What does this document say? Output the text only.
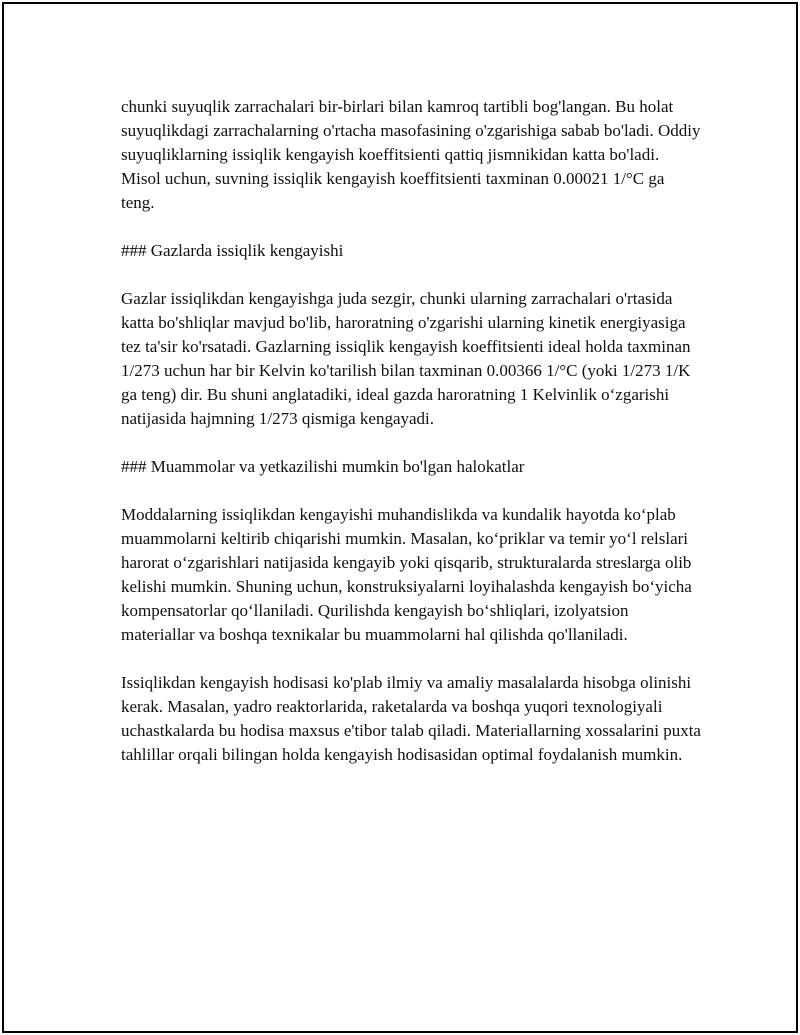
chunki suyuqlik zarrachalari bir-birlari bilan kamroq tartibli bog'langan. Bu holat suyuqlikdagi zarrachalarning o'rtacha masofasining o'zgarishiga sabab bo'ladi. Oddiy suyuqliklarning issiqlik kengayish koeffitsienti qattiq jismnikidan katta bo'ladi. Misol uchun, suvning issiqlik kengayish koeffitsienti taxminan 0.00021 1/°C ga teng.

### Gazlarda issiqlik kengayishi

Gazlar issiqlikdan kengayishga juda sezgir, chunki ularning zarrachalari o'rtasida katta bo'shliqlar mavjud bo'lib, haroratning o'zgarishi ularning kinetik energiyasiga tez ta'sir ko'rsatadi. Gazlarning issiqlik kengayish koeffitsienti ideal holda taxminan 1/273 uchun har bir Kelvin ko'tarilish bilan taxminan 0.00366 1/°C (yoki 1/273 1/K ga teng) dir. Bu shuni anglatadiki, ideal gazda haroratning 1 Kelvinlik o‘zgarishi natijasida hajmning 1/273 qismiga kengayadi.

### Muammolar va yetkazilishi mumkin bo'lgan halokatlar

Moddalarning issiqlikdan kengayishi muhandislikda va kundalik hayotda ko‘plab muammolarni keltirib chiqarishi mumkin. Masalan, ko‘priklar va temir yo‘l relslari harorat o‘zgarishlari natijasida kengayib yoki qisqarib, strukturalarda streslarga olib kelishi mumkin. Shuning uchun, konstruksiyalarni loyihalashda kengayish bo‘yicha kompensatorlar qo‘llaniladi. Qurilishda kengayish bo‘shliqlari, izolyatsion materiallar va boshqa texnikalar bu muammolarni hal qilishda qo'llaniladi.

Issiqlikdan kengayish hodisasi ko'plab ilmiy va amaliy masalalarda hisobga olinishi kerak. Masalan, yadro reaktorlarida, raketalarda va boshqa yuqori texnologiyali uchastkalarda bu hodisa maxsus e'tibor talab qiladi. Materiallarning xossalarini puxta tahlillar orqali bilingan holda kengayish hodisasidan optimal foydalanish mumkin.
